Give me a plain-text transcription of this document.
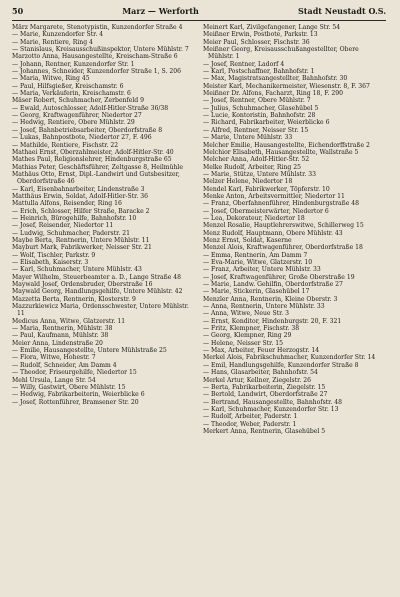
50	Marz — Werforth	Stadt Neustadt O.S.
März Margarete, Stenotypistin, Kunzendorfer Straße 4
— Marie, Kunzendorfer Str. 4
— Marie, Rentiere, Ring 4
— Stanislaus, Kreisausschußinspektor, Untere Mühlstr. 7
Marzotto Anna, Hausangestellte, Kreischam-Straße 6
— Johann, Rentner, Kunzendorfer Str. 1
— Johannes, Schneider, Kunzendorfer Straße 1, S. 206
— Maria, Witwe, Ring 45
— Paul, Hilfsgießer, Kreischamstr. 6
— Maria, Verkäuferin, Kreischamstr. 6
Mäser Robert, Schuhmacher, Zerbenfeld 9
— Ewald, Autoschlosser, Adolf-Hitler-Straße 36/38
— Georg, Kraftwagenführer, Niedertor 27
— Hedwig, Rentiere, Obere Mühlstr. 29
— Josef, Bahnbetriebsarbeiter, Oberdorfstraße 8
— Lukas, Bahnpostbote, Niedertor 27, F. 496
— Mathilde, Rentiere, Fischstr. 22
Mathaei Ernst, Oberzahlmeister, Adolf-Hitler-Str. 40
Mathes Paul, Religionslehrer, Hindenburgstraße 65
Mathias Peter, Geschäftsführer, Zeltgasse 8, Heilmühle
Mathäus Otto, Ernst, Dipl.-Landwirt und Gutsbesitzer, Oberdorfstraße 46
— Karl, Eisenbahnarbeiter, Lindenstraße 3
Matthäus Erwin, Soldat, Adolf-Hitler-Str. 36
Mattulla Alfons, Reisender, Ring 16
— Erich, Schlosser, Hilfer Straße, Baracke 2
— Heinrich, Bürogehilfe, Bahnhofstr. 10
— Josef, Reisender, Niedertor 11
— Ludwig, Schuhmacher, Paderstr. 21
Maybe Berta, Rentnerin, Untere Mühlstr. 11
Mayburt Mark, Fabrikwerker, Neisser Str. 21
— Wolf, Tischler, Parkstr. 9
— Elisabeth, Kaiserstr. 3
— Karl, Schuhmacher, Untere Mühlstr. 43
Mayer Wilhelm, Steuerbeamter a. D., Lange Straße 48
Maywald Josef, Ordensbruder, Oberstraße 16
Maywald Georg, Handlungsgehilfe, Untere Mühlstr. 42
Mazzetta Berta, Rentnerin, Klosterstr. 9
Mazzurkiewicz Maria, Ordensschwester, Untere Mühlstr. 11
Medicus Anna, Witwe, Glatzerstr. 11
— Maria, Rentnerin, Mühlstr. 38
— Paul, Kaufmann, Mühlstr. 38
Meier Anna, Lindenstraße 20
— Emilie, Hausangestellte, Untere Mühlstraße 25
— Flora, Witwe, Hohestr. 7
— Rudolf, Schneider, Am Damm 4
— Theodor, Friseurgehilfe, Niedertor 15
Mehl Ursula, Lange Str. 54
— Willy, Gastwirt, Obere Mühlstr. 15
— Hedwig, Fabrikarbeiterin, Weierblicke 6
— Josef, Rottenführer, Bramsener Str. 20
Meinert Karl, Zivilgefangener, Lange Str. 54
Meißner Erwin, Postbote, Parkstr. 13
Meier Paul, Schlosser, Fischstr. 36
Meißner Georg, Kreisausschußangestellter, Obere Mühlstr. 1
— Josef, Rentner, Ladorf 4
— Karl, Postschaffner, Bahnhofstr. 1
— Max, Magistratsangestellter, Bahnhofstr. 30
Meister Karl, Mechanikermeister, Wiesenstr. 8, F. 367
Meißner Dr. Alfons, Facharzt, Ring 18, F. 290
— Josef, Rentner, Obere Mühlstr. 7
— Julius, Schuhmacher, Glasehübel 5
— Lucie, Kontoristin, Bahnhofstr. 28
— Richard, Fabrikarbeiter, Weierblicke 6
— Alfred, Rentner, Neisser Str. 15
— Marie, Untere Mühlstr. 33
Melcher Emilie, Hausangestellte, Eichendorffstraße 2
Melchior Elisabeth, Hausangestellte, Wallstraße 5
Melcher Anna, Adolf-Hitler-Str. 52
Melke Rudolf, Arbeiter, Ring 25
— Marie, Stütze, Untere Mühlstr. 33
Melzer Helene, Niedertor 18
Mendel Karl, Fabrikwerker, Töpferstr. 10
Menke Anton, Arbeitsvermittler, Niedertor 11
— Franz, Oberfahnenführer, Hindenburgstraße 48
— Josef, Obermeisterwärter, Niedertor 6
— Lea, Dekorateur, Niedertor 18
Menzel Rosalie, Hauptlehrerswitwe, Schillerweg 15
Menz Rudolf, Hauptmann, Obere Mühlstr. 43
Menz Ernst, Soldat, Kaserne
Menzel Alois, Kraftwagenführer, Oberdorfstraße 18
— Emma, Rentnerin, Am Damm 7
— Eva-Marie, Witwe, Glatzerstr. 10
— Franz, Arbeiter, Untere Mühlstr. 33
— Josef, Kraftwagenführer, Große Oberstraße 19
— Marie, Landw. Gehilfin, Oberdorfstraße 27
— Marie, Stickerin, Glasehübel 17
Menzler Anna, Rentnerin, Kleine Oberstr. 3
— Anna, Rentnerin, Untere Mühlstr. 33
— Anna, Witwe, Neue Str. 3
— Ernst, Konditor, Hindenburgstr. 20, F. 321
— Fritz, Klempner, Fischstr. 38
— Georg, Klempner, Ring 29
— Helene, Neisser Str. 15
— Max, Arbeiter, Feuer Herzogstr. 14
Merkel Alois, Fabrikschuhmacher, Kunzendorfer Str. 14
— Emil, Handlungsgehilfe, Kunzendorfer Straße 8
— Hans, Glasarbeiter, Bahnhofstr. 54
Merkel Artur, Kellner, Ziegelstr. 26
— Berta, Fabrikarbeiterin, Ziegelstr. 15
— Bertold, Landwirt, Oberdorfstraße 27
— Bertrand, Hausangestellte, Bahnhofstr. 48
— Karl, Schuhmacher, Kunzendorfer Str. 13
— Rudolf, Arbeiter, Paderstr. 1
— Theodor, Weber, Paderstr. 1
Merkert Anna, Rentnerin, Glasehübel 5
